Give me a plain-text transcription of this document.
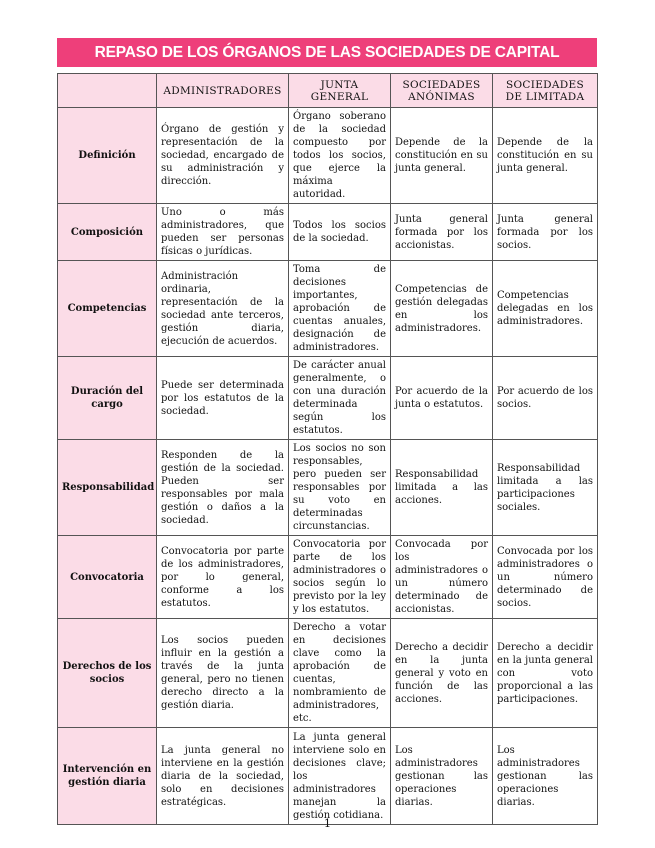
REPASO DE LOS ÓRGANOS DE LAS SOCIEDADES DE CAPITAL
	ADMINISTRADORES	JUNTA GENERAL	SOCIEDADES ANÓNIMAS	SOCIEDADES DE LIMITADA
Definición	Órgano de gestión y representación de la sociedad, encargado de su administración y dirección.	Órgano soberano de la sociedad compuesto por todos los socios, que ejerce la máxima autoridad.	Depende de la constitución en su junta general.	Depende de la constitución en su junta general.
Composición	Uno o más administradores, que pueden ser personas físicas o jurídicas.	Todos los socios de la sociedad.	Junta general formada por los accionistas.	Junta general formada por los socios.
Competencias	Administración ordinaria, representación de la sociedad ante terceros, gestión diaria, ejecución de acuerdos.	Toma de decisiones importantes, aprobación de cuentas anuales, designación de administradores.	Competencias de gestión delegadas en los administradores.	Competencias delegadas en los administradores.
Duración del cargo	Puede ser determinada por los estatutos de la sociedad.	De carácter anual generalmente, o con una duración determinada según los estatutos.	Por acuerdo de la junta o estatutos.	Por acuerdo de los socios.
Responsabilidad	Responden de la gestión de la sociedad. Pueden ser responsables por mala gestión o daños a la sociedad.	Los socios no son responsables, pero pueden ser responsables por su voto en determinadas circunstancias.	Responsabilidad limitada a las acciones.	Responsabilidad limitada a las participaciones sociales.
Convocatoria	Convocatoria por parte de los administradores, por lo general, conforme a los estatutos.	Convocatoria por parte de los administradores o socios según lo previsto por la ley y los estatutos.	Convocada por los administradores o un número determinado de accionistas.	Convocada por los administradores o un número determinado de socios.
Derechos de los socios	Los socios pueden influir en la gestión a través de la junta general, pero no tienen derecho directo a la gestión diaria.	Derecho a votar en decisiones clave como la aprobación de cuentas, nombramiento de administradores, etc.	Derecho a decidir en la junta general y voto en función de las acciones.	Derecho a decidir en la junta general con voto proporcional a las participaciones.
Intervención en gestión diaria	La junta general no interviene en la gestión diaria de la sociedad, solo en decisiones estratégicas.	La junta general interviene solo en decisiones clave; los administradores manejan la gestión cotidiana.	Los administradores gestionan las operaciones diarias.	Los administradores gestionan las operaciones diarias.
1
